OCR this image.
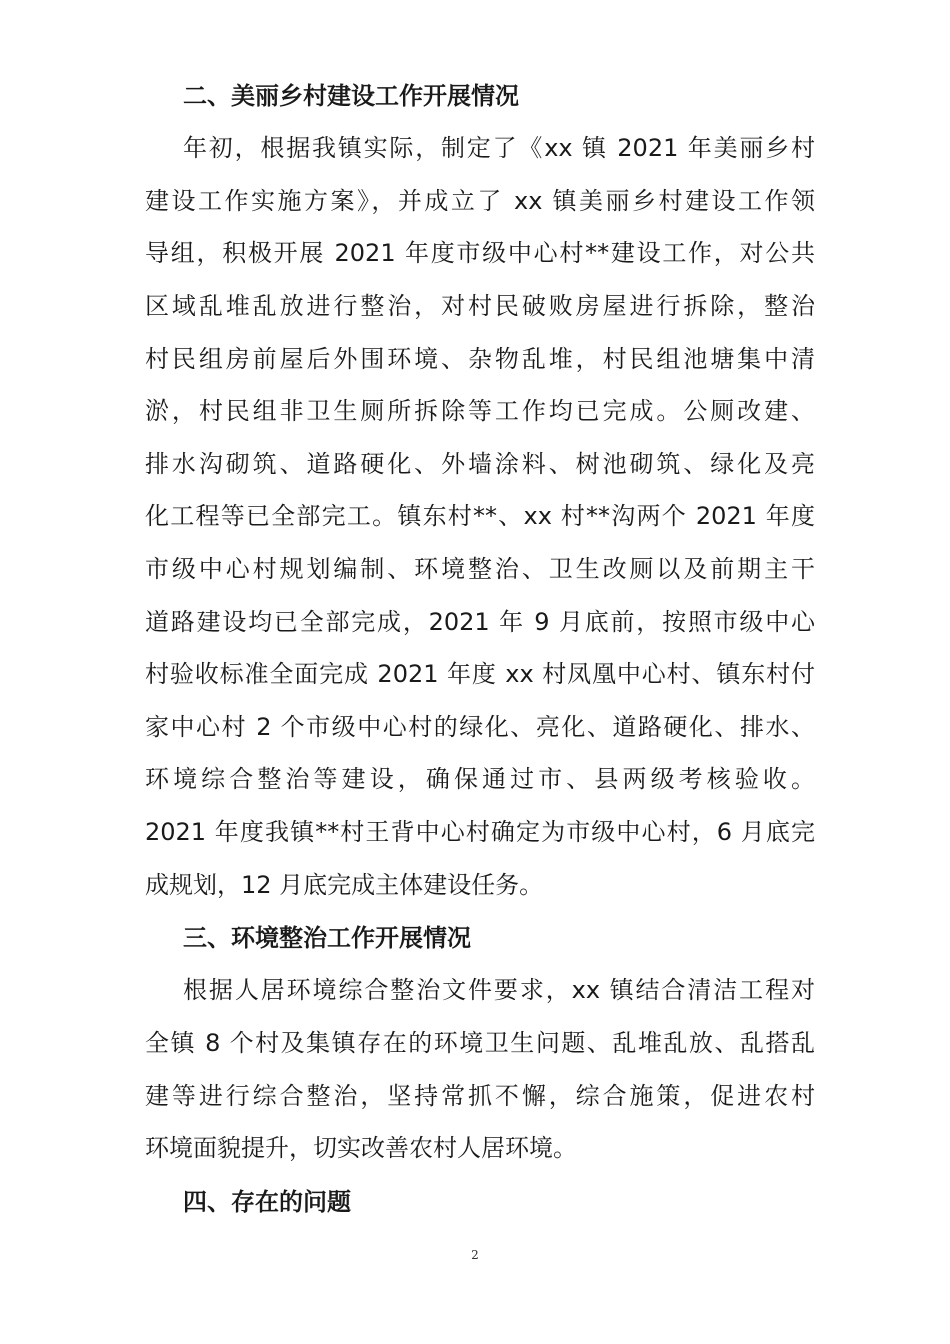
二、美丽乡村建设工作开展情况
年初，根据我镇实际，制定了《xx 镇 2021 年美丽乡村
建设工作实施方案》，并成立了 xx 镇美丽乡村建设工作领
导组，积极开展 2021 年度市级中心村**建设工作，对公共
区域乱堆乱放进行整治，对村民破败房屋进行拆除，整治
村民组房前屋后外围环境、杂物乱堆，村民组池塘集中清
淤，村民组非卫生厕所拆除等工作均已完成。公厕改建、
排水沟砌筑、道路硬化、外墙涂料、树池砌筑、绿化及亮
化工程等已全部完工。镇东村**、xx 村**沟两个 2021 年度
市级中心村规划编制、环境整治、卫生改厕以及前期主干
道路建设均已全部完成，2021 年 9 月底前，按照市级中心
村验收标准全面完成 2021 年度 xx 村凤凰中心村、镇东村付
家中心村 2 个市级中心村的绿化、亮化、道路硬化、排水、
环境综合整治等建设，确保通过市、县两级考核验收。
2021 年度我镇**村王背中心村确定为市级中心村，6 月底完
成规划，12 月底完成主体建设任务。
三、环境整治工作开展情况
根据人居环境综合整治文件要求，xx 镇结合清洁工程对
全镇 8 个村及集镇存在的环境卫生问题、乱堆乱放、乱搭乱
建等进行综合整治，坚持常抓不懈，综合施策，促进农村
环境面貌提升，切实改善农村人居环境。
四、存在的问题
2
